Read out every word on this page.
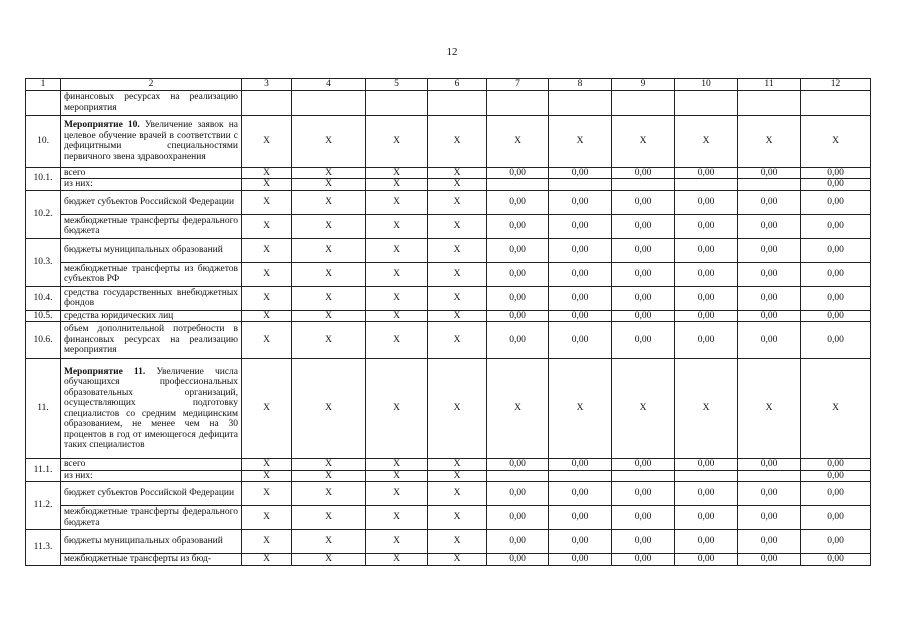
12
1	2	3	4	5	6	7	8	9	10	11	12
	финансовых ресурсах на реализацию мероприятия										
10.	Мероприятие 10. Увеличение заявок на целевое обучение врачей в соответствии с дефицитными специальностями первичного звена здравоохранения	X	X	X	X	X	X	X	X	X	X
10.1.	всего	X	X	X	X	0,00	0,00	0,00	0,00	0,00	0,00
	из них:	X	X	X	X						0,00
10.2.	бюджет субъектов Российской Федерации	X	X	X	X	0,00	0,00	0,00	0,00	0,00	0,00
	межбюджетные трансферты федерального бюджета	X	X	X	X	0,00	0,00	0,00	0,00	0,00	0,00
10.3.	бюджеты муниципальных образований	X	X	X	X	0,00	0,00	0,00	0,00	0,00	0,00
	межбюджетные трансферты из бюджетов субъектов РФ	X	X	X	X	0,00	0,00	0,00	0,00	0,00	0,00
10.4.	средства государственных внебюджетных фондов	X	X	X	X	0,00	0,00	0,00	0,00	0,00	0,00
10.5.	средства юридических лиц	X	X	X	X	0,00	0,00	0,00	0,00	0,00	0,00
10.6.	объем дополнительной потребности в финансовых ресурсах на реализацию мероприятия	X	X	X	X	0,00	0,00	0,00	0,00	0,00	0,00
11.	Мероприятие 11. Увеличение числа обучающихся профессиональных образовательных организаций, осуществляющих подготовку специалистов со средним медицинским образованием, не менее чем на 30 процентов в год от имеющегося дефицита таких специалистов	X	X	X	X	X	X	X	X	X	X
11.1.	всего	X	X	X	X	0,00	0,00	0,00	0,00	0,00	0,00
	из них:	X	X	X	X						0,00
11.2.	бюджет субъектов Российской Федерации	X	X	X	X	0,00	0,00	0,00	0,00	0,00	0,00
	межбюджетные трансферты федерального бюджета	X	X	X	X	0,00	0,00	0,00	0,00	0,00	0,00
11.3.	бюджеты муниципальных образований	X	X	X	X	0,00	0,00	0,00	0,00	0,00	0,00
	межбюджетные трансферты из бюд-	X	X	X	X	0,00	0,00	0,00	0,00	0,00	0,00
